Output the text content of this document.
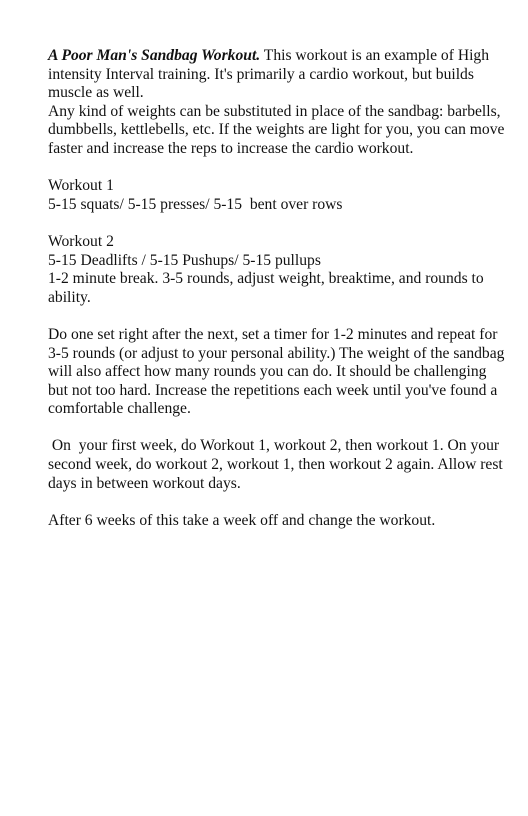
A Poor Man's Sandbag Workout. This workout is an example of High intensity Interval training. It's primarily a cardio workout, but builds muscle as well.

Any kind of weights can be substituted in place of the sandbag: barbells, dumbbells, kettlebells, etc. If the weights are light for you, you can move faster and increase the reps to increase the cardio workout.

Workout 1

5-15 squats/ 5-15 presses/ 5-15  bent over rows

Workout 2

5-15 Deadlifts / 5-15 Pushups/ 5-15 pullups

1-2 minute break. 3-5 rounds, adjust weight, breaktime, and rounds to ability.

Do one set right after the next, set a timer for 1-2 minutes and repeat for 3-5 rounds (or adjust to your personal ability.) The weight of the sandbag will also affect how many rounds you can do. It should be challenging but not too hard. Increase the repetitions each week until you've found a comfortable challenge.

On  your first week, do Workout 1, workout 2, then workout 1. On your second week, do workout 2, workout 1, then workout 2 again. Allow rest days in between workout days.

After 6 weeks of this take a week off and change the workout.
